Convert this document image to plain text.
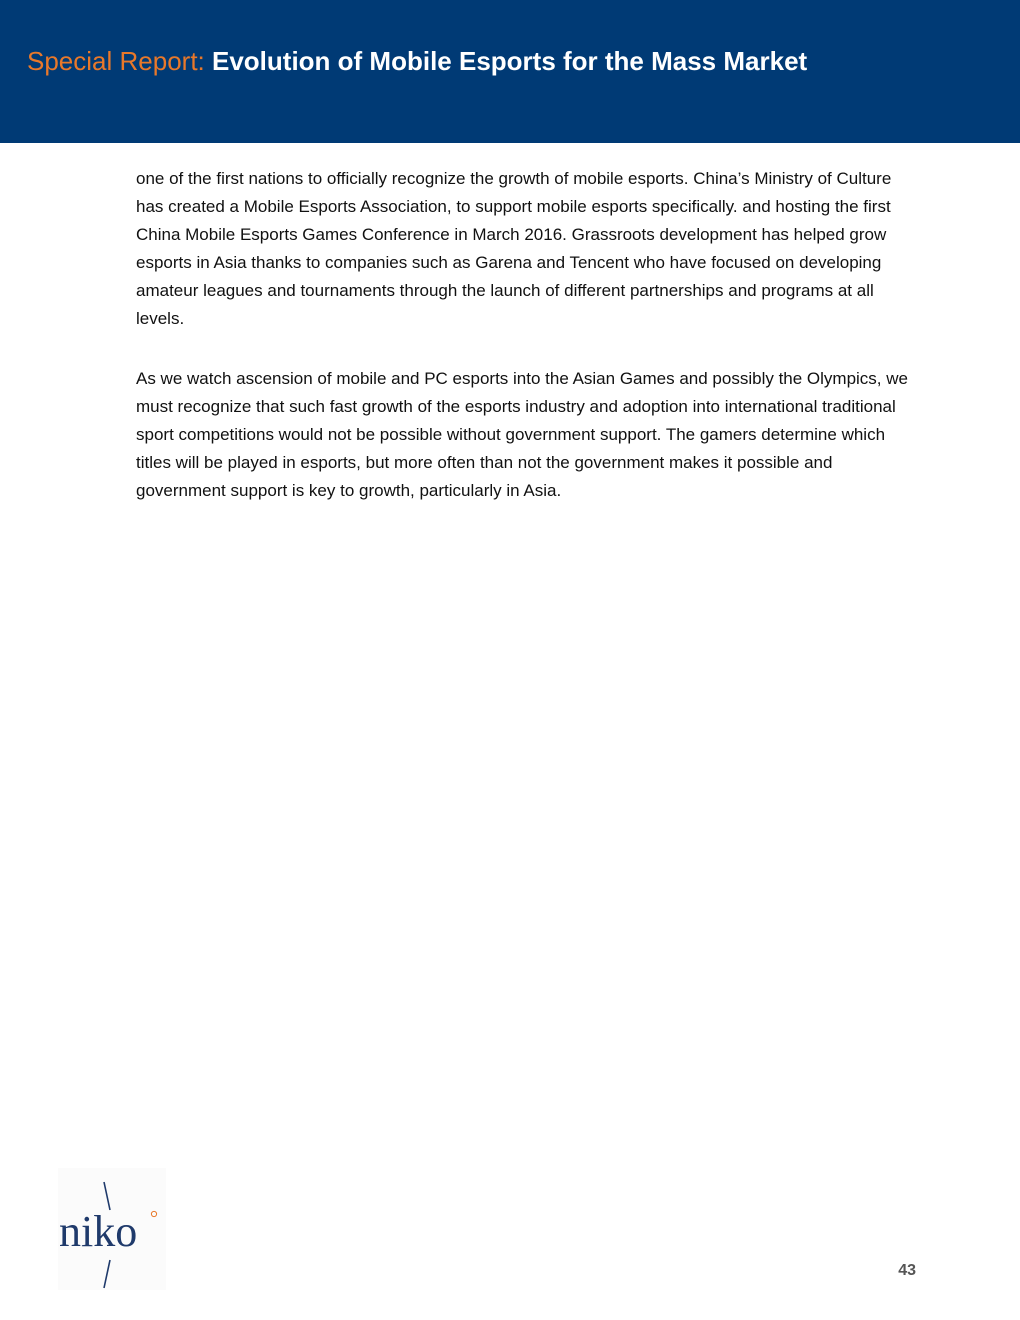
Special Report: Evolution of Mobile Esports for the Mass Market

one of the first nations to officially recognize the growth of mobile esports. China’s Ministry of Culture has created a Mobile Esports Association, to support mobile esports specifically. and hosting the first China Mobile Esports Games Conference in March 2016. Grassroots development has helped grow esports in Asia thanks to companies such as Garena and Tencent who have focused on developing amateur leagues and tournaments through the launch of different partnerships and programs at all levels.

As we watch ascension of mobile and PC esports into the Asian Games and possibly the Olympics, we must recognize that such fast growth of the esports industry and adoption into international traditional sport competitions would not be possible without government support. The gamers determine which titles will be played in esports, but more often than not the government makes it possible and government support is key to growth, particularly in Asia.

niko
43
